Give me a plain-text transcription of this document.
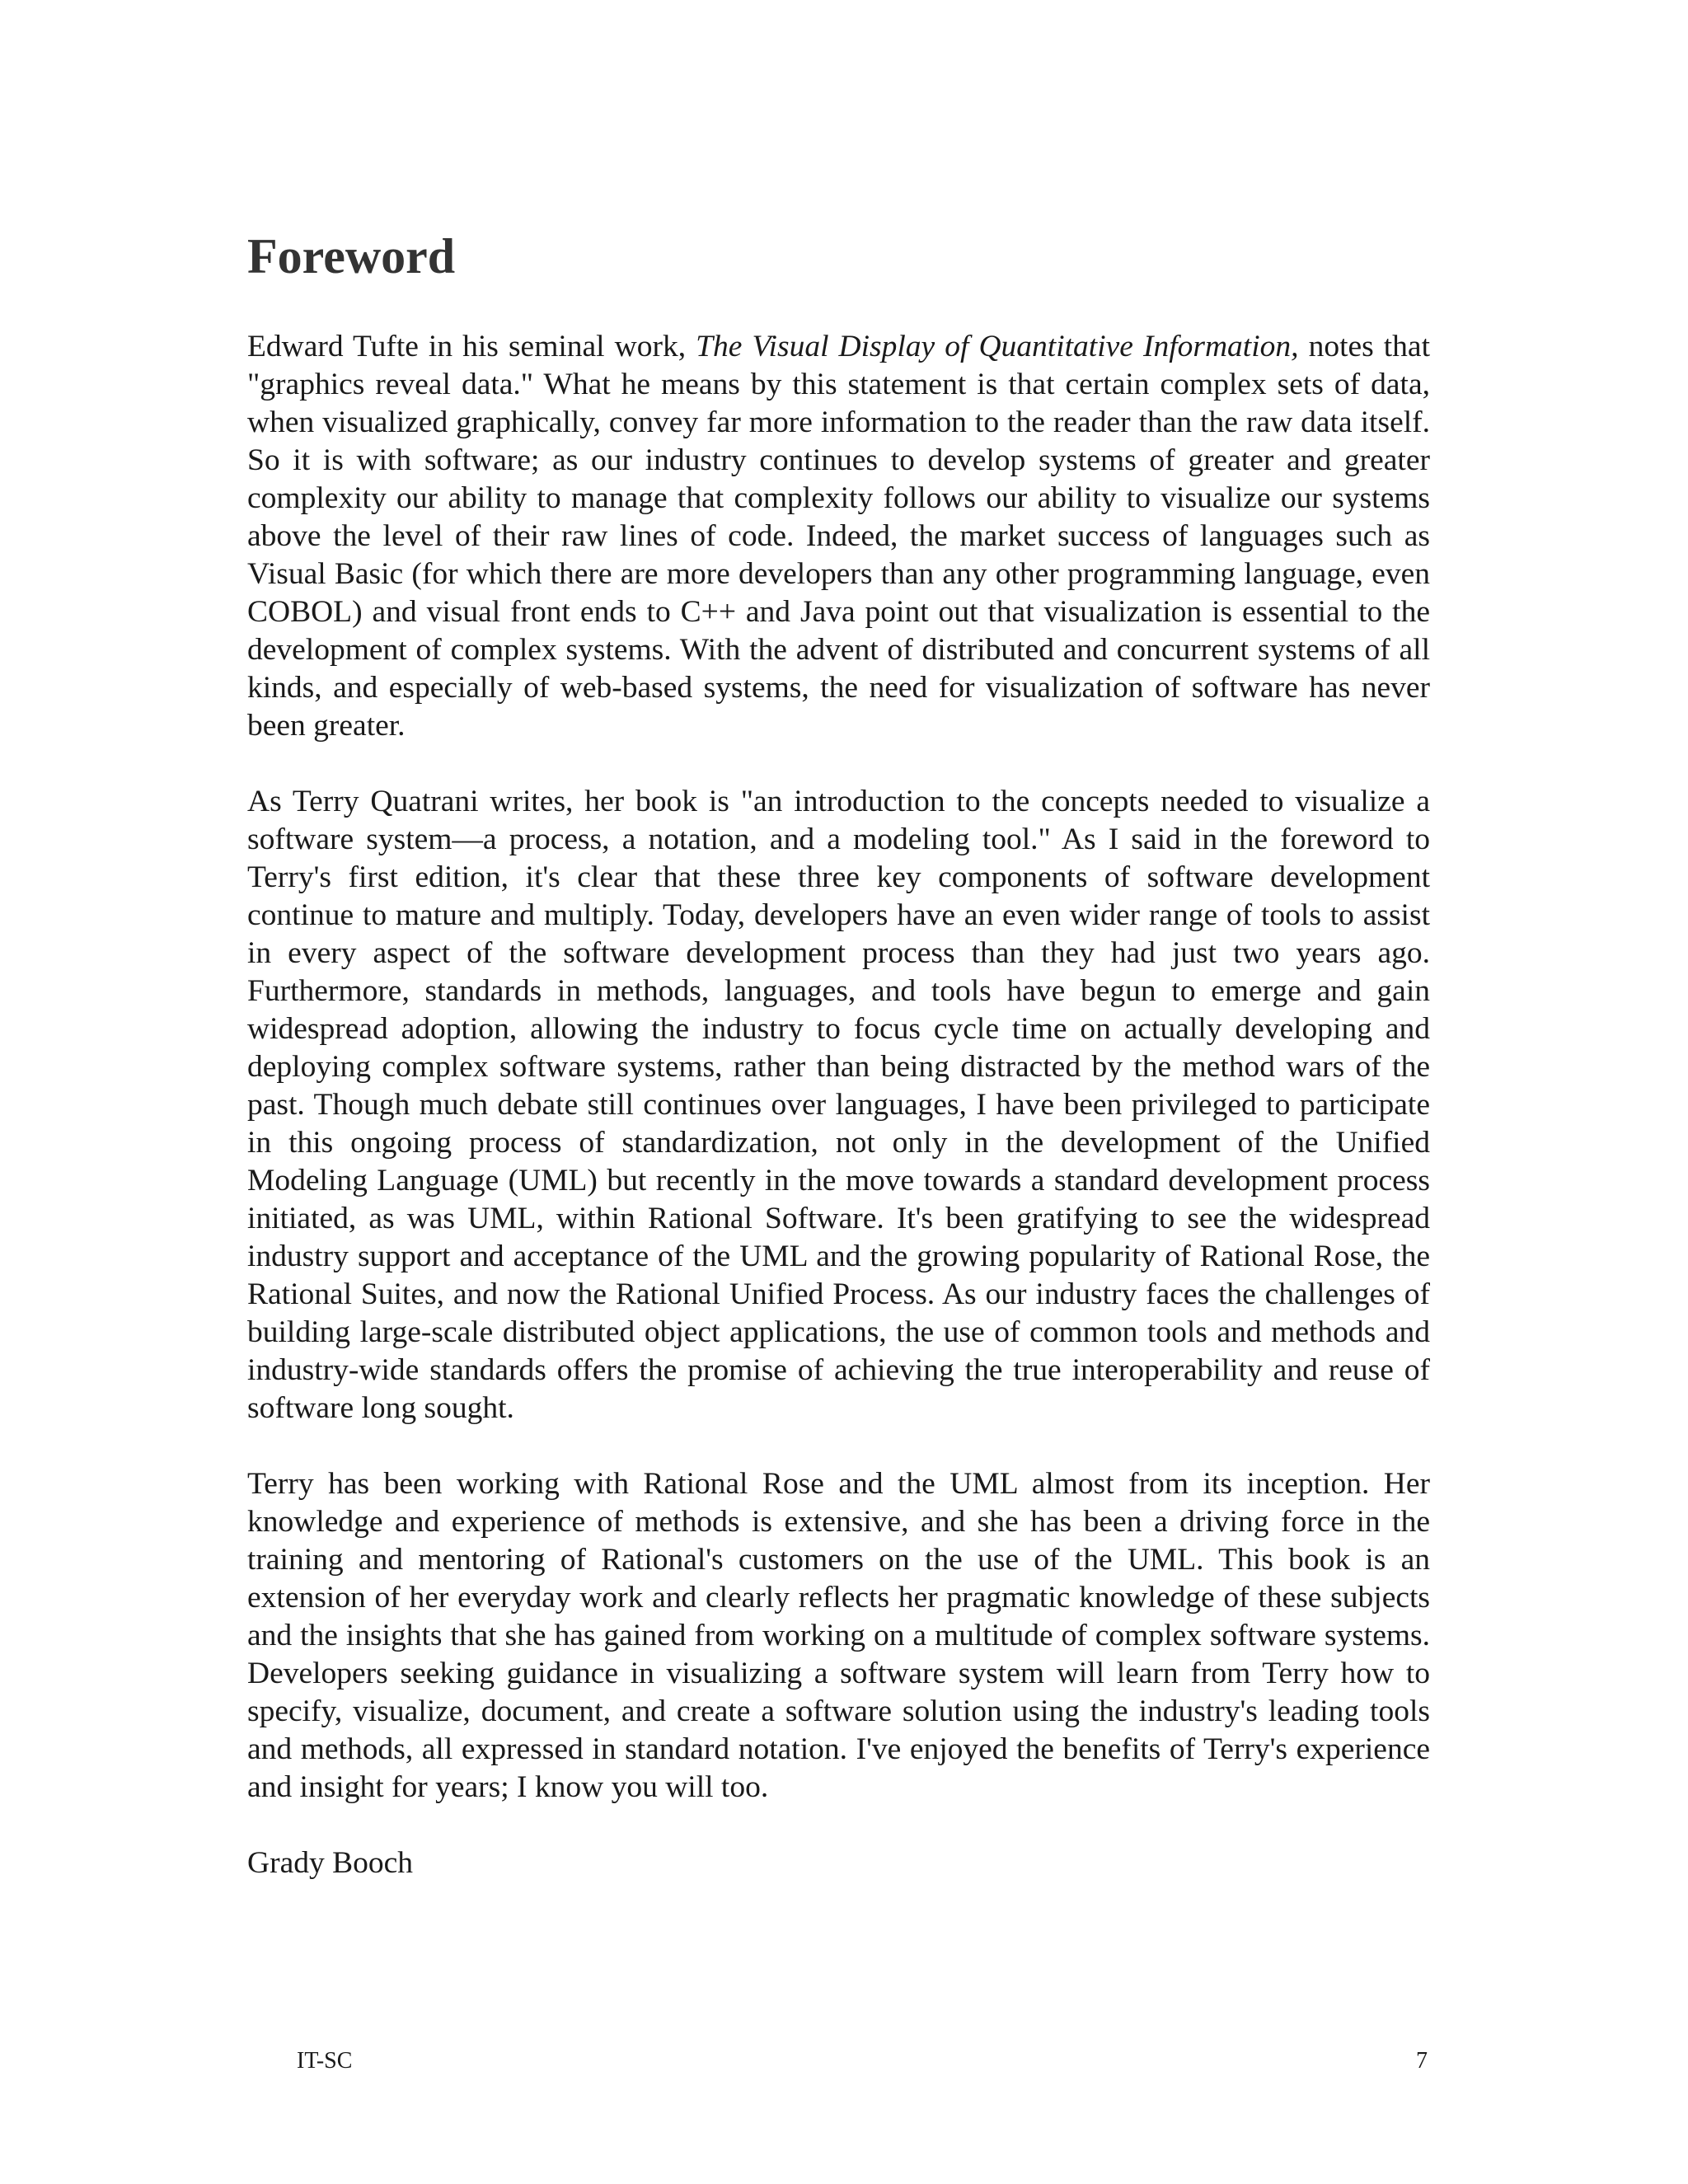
Foreword

Edward Tufte in his seminal work, The Visual Display of Quantitative Information, notes that "graphics reveal data." What he means by this statement is that certain complex sets of data, when visualized graphically, convey far more information to the reader than the raw data itself. So it is with software; as our industry continues to develop systems of greater and greater complexity our ability to manage that complexity follows our ability to visualize our systems above the level of their raw lines of code. Indeed, the market success of languages such as Visual Basic (for which there are more developers than any other programming language, even COBOL) and visual front ends to C++ and Java point out that visualization is essential to the development of complex systems. With the advent of distributed and concurrent systems of all kinds, and especially of web-based systems, the need for visualization of software has never been greater.

As Terry Quatrani writes, her book is "an introduction to the concepts needed to visualize a software system—a process, a notation, and a modeling tool." As I said in the foreword to Terry's first edition, it's clear that these three key components of software development continue to mature and multiply. Today, developers have an even wider range of tools to assist in every aspect of the software development process than they had just two years ago. Furthermore, standards in methods, languages, and tools have begun to emerge and gain widespread adoption, allowing the industry to focus cycle time on actually developing and deploying complex software systems, rather than being distracted by the method wars of the past. Though much debate still continues over languages, I have been privileged to participate in this ongoing process of standardization, not only in the development of the Unified Modeling Language (UML) but recently in the move towards a standard development process initiated, as was UML, within Rational Software. It's been gratifying to see the widespread industry support and acceptance of the UML and the growing popularity of Rational Rose, the Rational Suites, and now the Rational Unified Process. As our industry faces the challenges of building large-scale distributed object applications, the use of common tools and methods and industry-wide standards offers the promise of achieving the true interoperability and reuse of software long sought.

Terry has been working with Rational Rose and the UML almost from its inception. Her knowledge and experience of methods is extensive, and she has been a driving force in the training and mentoring of Rational's customers on the use of the UML. This book is an extension of her everyday work and clearly reflects her pragmatic knowledge of these subjects and the insights that she has gained from working on a multitude of complex software systems. Developers seeking guidance in visualizing a software system will learn from Terry how to specify, visualize, document, and create a software solution using the industry's leading tools and methods, all expressed in standard notation. I've enjoyed the benefits of Terry's experience and insight for years; I know you will too.

Grady Booch

IT-SC	7
